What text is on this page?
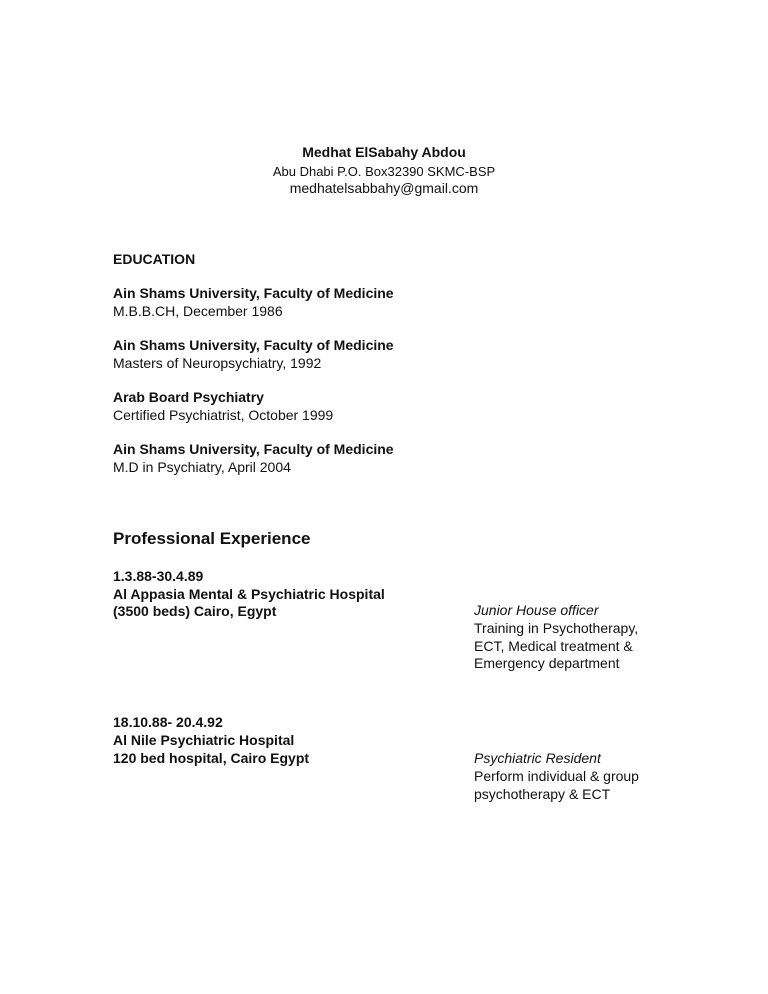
Medhat ElSabahy Abdou
Abu Dhabi P.O. Box32390 SKMC-BSP
medhatelsabbahy@gmail.com
EDUCATION
Ain Shams University, Faculty of Medicine
M.B.B.CH, December 1986
Ain Shams University, Faculty of Medicine
Masters of Neuropsychiatry, 1992
Arab Board Psychiatry
Certified Psychiatrist, October 1999
Ain Shams University, Faculty of Medicine
M.D in Psychiatry, April 2004
Professional Experience
1.3.88-30.4.89
Al Appasia Mental & Psychiatric Hospital
(3500 beds) Cairo, Egypt	Junior House officer
Training in Psychotherapy,
ECT, Medical treatment &
Emergency department
18.10.88- 20.4.92
Al Nile Psychiatric Hospital
120 bed hospital, Cairo Egypt	Psychiatric Resident
Perform individual & group
psychotherapy & ECT
